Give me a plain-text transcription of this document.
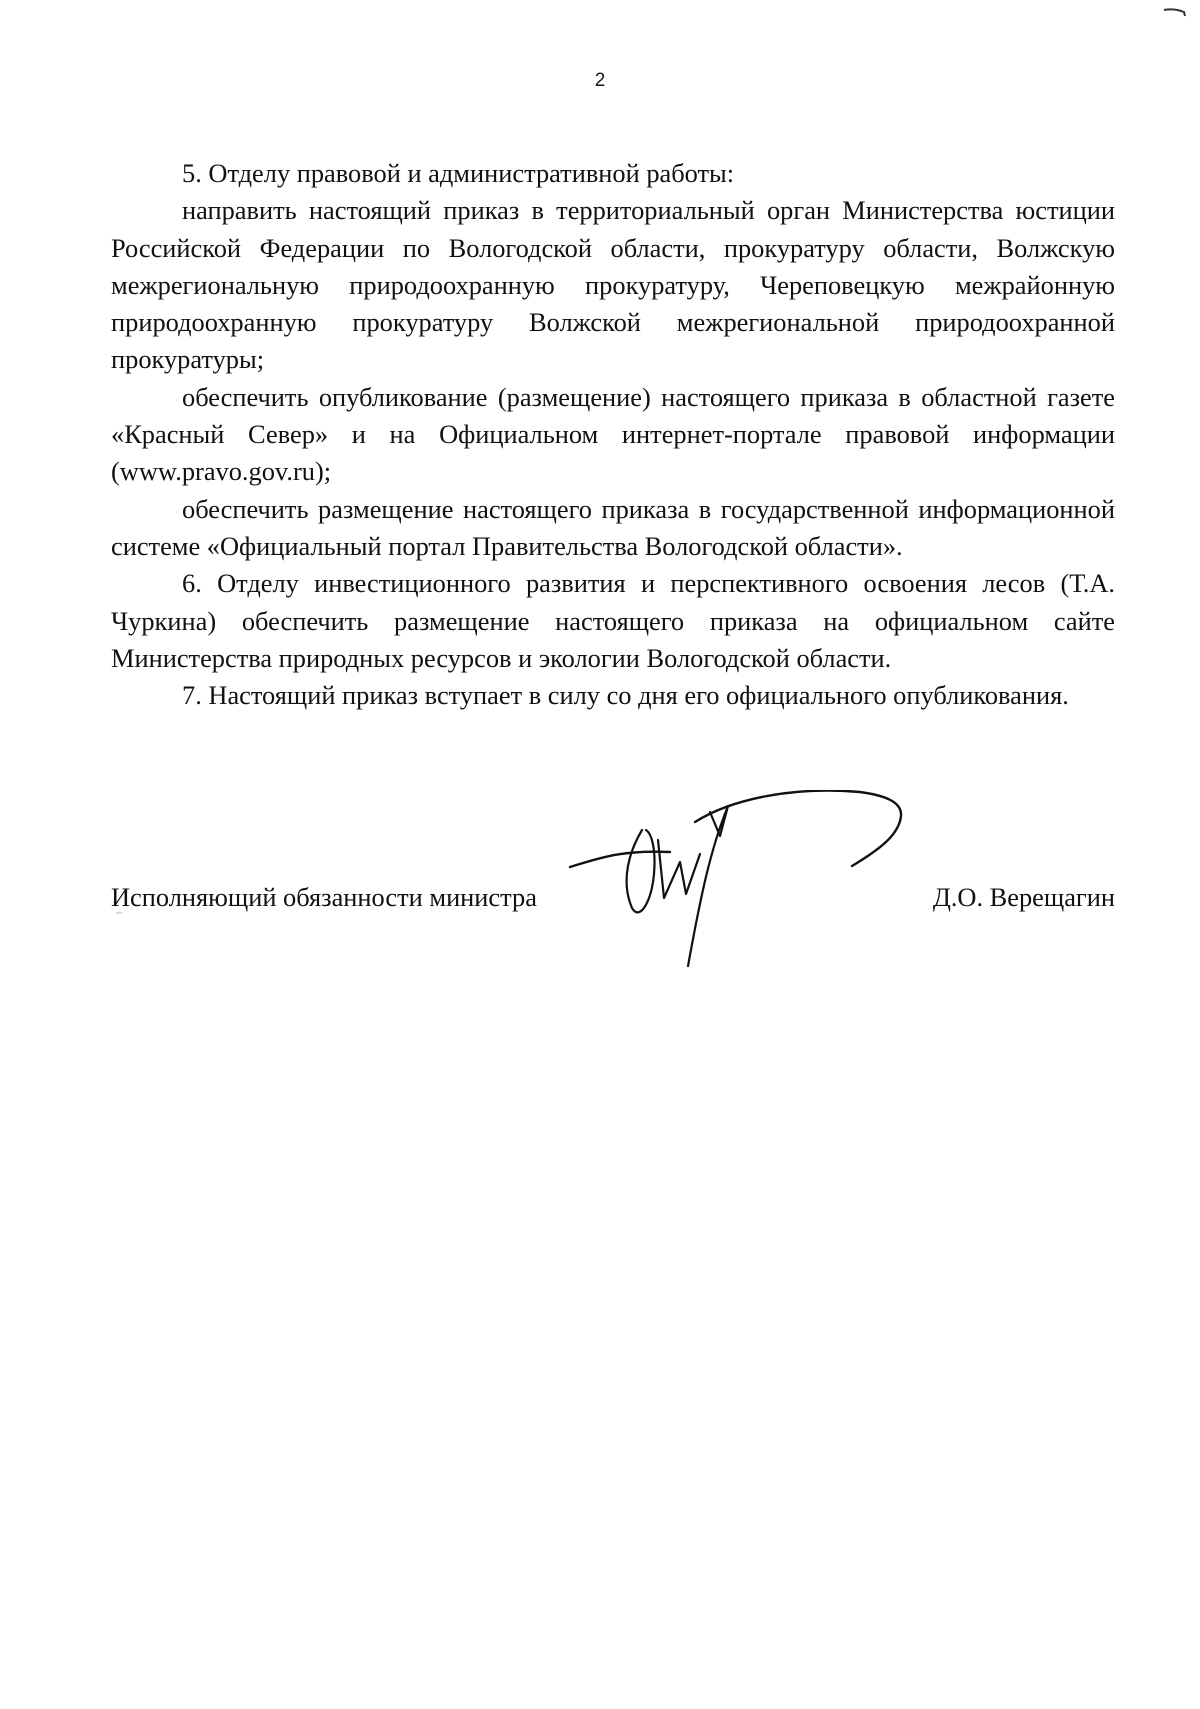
2

5. Отделу правовой и административной работы:

направить настоящий приказ в территориальный орган Министерства юстиции Российской Федерации по Вологодской области, прокуратуру области, Волжскую межрегиональную природоохранную прокуратуру, Череповецкую межрайонную природоохранную прокуратуру Волжской межрегиональной природоохранной прокуратуры;

обеспечить опубликование (размещение) настоящего приказа в областной газете «Красный Север» и на Официальном интернет-портале правовой информации (www.pravo.gov.ru);

обеспечить размещение настоящего приказа в государственной информационной системе «Официальный портал Правительства Вологодской области».

6. Отделу инвестиционного развития и перспективного освоения лесов (Т.А. Чуркина) обеспечить размещение настоящего приказа на официальном сайте Министерства природных ресурсов и экологии Вологодской области.

7. Настоящий приказ вступает в силу со дня его официального опубликования.

Исполняющий обязанности министра	Д.О. Верещагин
